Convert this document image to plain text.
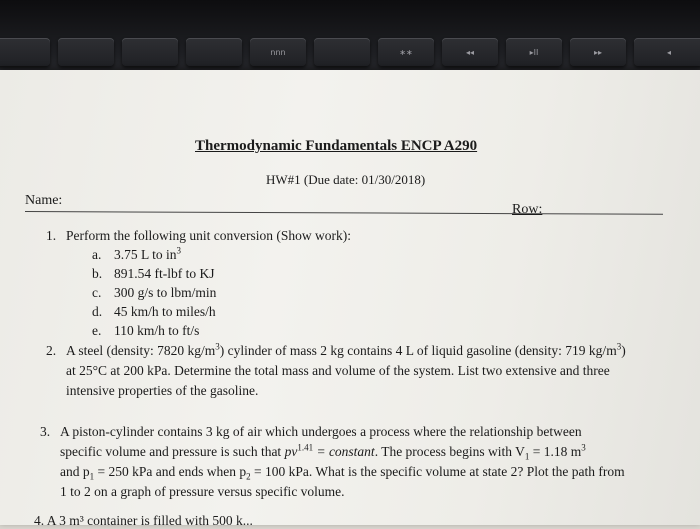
nnn	∗∗	◂◂	▸II	▸▸	◂
Thermodynamic Fundamentals ENCP A290
HW#1 (Due date: 01/30/2018)
Name:
Row:
1. Perform the following unit conversion (Show work):
a. 3.75 L to $in^3$
b. 891.54 ft-lbf to KJ
c. 300 g/s to lbm/min
d. 45 km/h to miles/h
e. 110 km/h to ft/s
2. A steel (density: 7820 $kg/m^3$) cylinder of mass 2 kg contains 4 L of liquid gasoline (density: 719 $kg/m^3$)
at 25°C at 200 kPa. Determine the total mass and volume of the system. List two extensive and three
intensive properties of the gasoline.
3. A piston-cylinder contains 3 kg of air which undergoes a process where the relationship between
specific volume and pressure is such that $pv^{1.41}$ = constant. The process begins with $V_1 = 1.18$ $m^3$
and $p_1 = 250$ kPa and ends when $p_2 = 100$ kPa. What is the specific volume at state 2? Plot the path from
1 to 2 on a graph of pressure versus specific volume.
4. A 3 m³ container is filled with 500 k...
